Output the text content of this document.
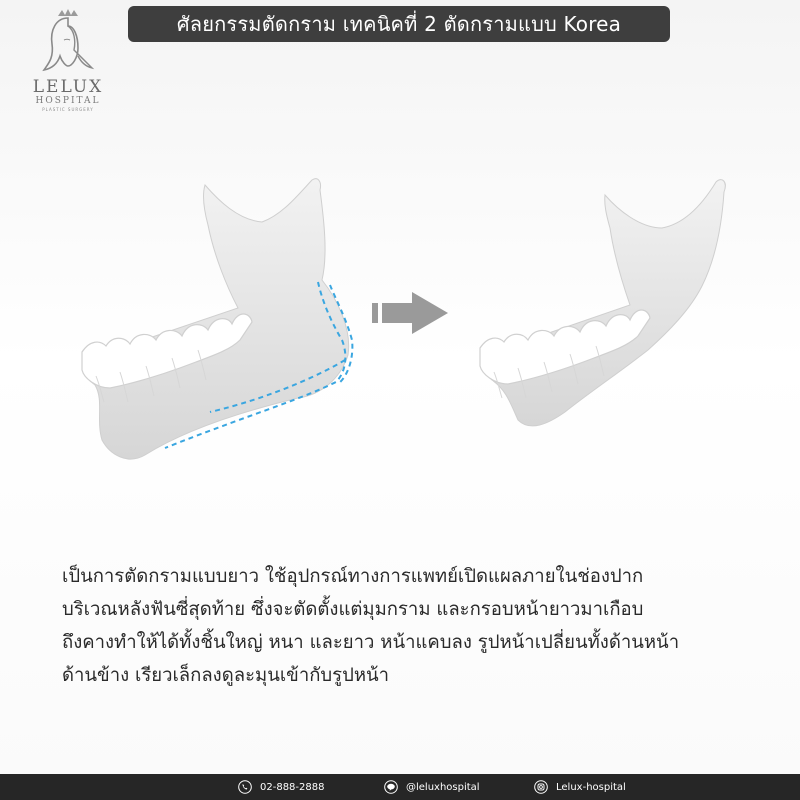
ศัลยกรรมตัดกราม เทคนิคที่ 2 ตัดกรามแบบ Korea
LELUX
HOSPITAL
PLASTIC SURGERY
เป็นการตัดกรามแบบยาว ใช้อุปกรณ์ทางการแพทย์เปิดแผลภายในช่องปาก
บริเวณหลังฟันซี่สุดท้าย ซึ่งจะตัดตั้งแต่มุมกราม และกรอบหน้ายาวมาเกือบ
ถึงคางทำให้ได้ทั้งชิ้นใหญ่ หนา และยาว หน้าแคบลง รูปหน้าเปลี่ยนทั้งด้านหน้า
ด้านข้าง เรียวเล็กลงดูละมุนเข้ากับรูปหน้า
02-888-2888	@leluxhospital	Lelux-hospital
